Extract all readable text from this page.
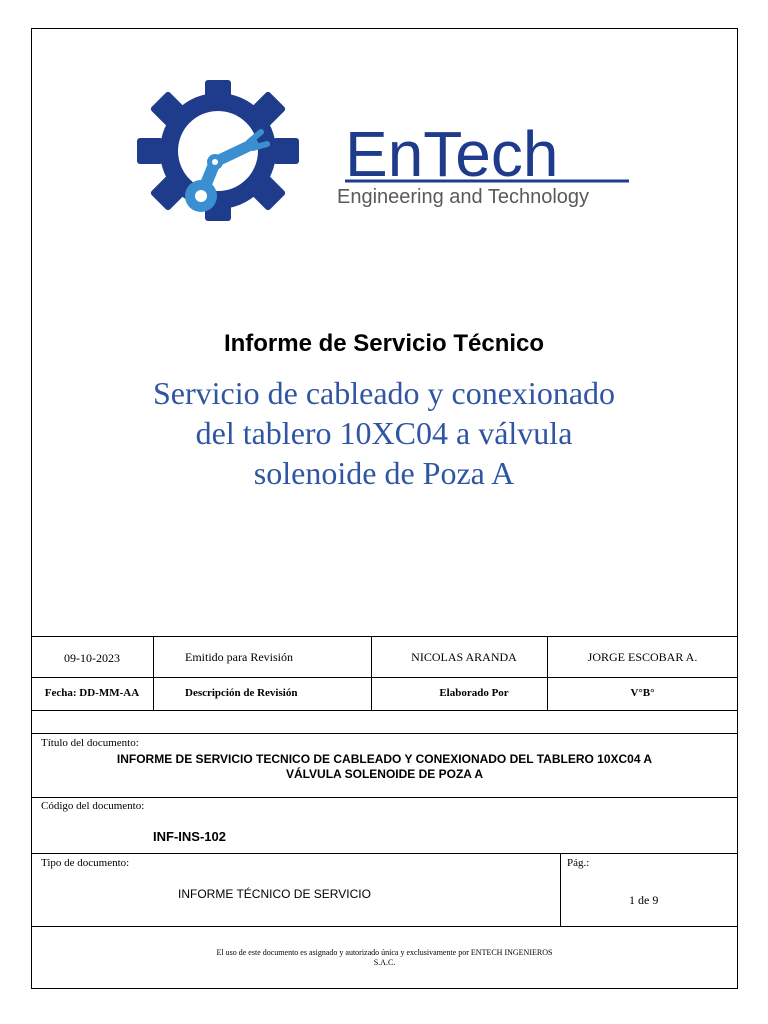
EnTech
Engineering and Technology
Informe de Servicio Técnico
Servicio de cableado y conexionado
del tablero 10XC04 a válvula
solenoide de Poza A
09-10-2023	Emitido para Revisión	NICOLAS ARANDA	JORGE ESCOBAR A.
Fecha: DD-MM-AA	Descripción de Revisión	Elaborado Por	V°B°
Título del documento:
INFORME DE SERVICIO TECNICO DE CABLEADO Y CONEXIONADO DEL TABLERO 10XC04 A
VÁLVULA SOLENOIDE DE POZA A
Código del documento:
INF-INS-102
Tipo de documento:
INFORME TÉCNICO DE SERVICIO
Pág.:
1 de 9
El uso de este documento es asignado y autorizado única y exclusivamente por ENTECH INGENIEROS
S.A.C.
